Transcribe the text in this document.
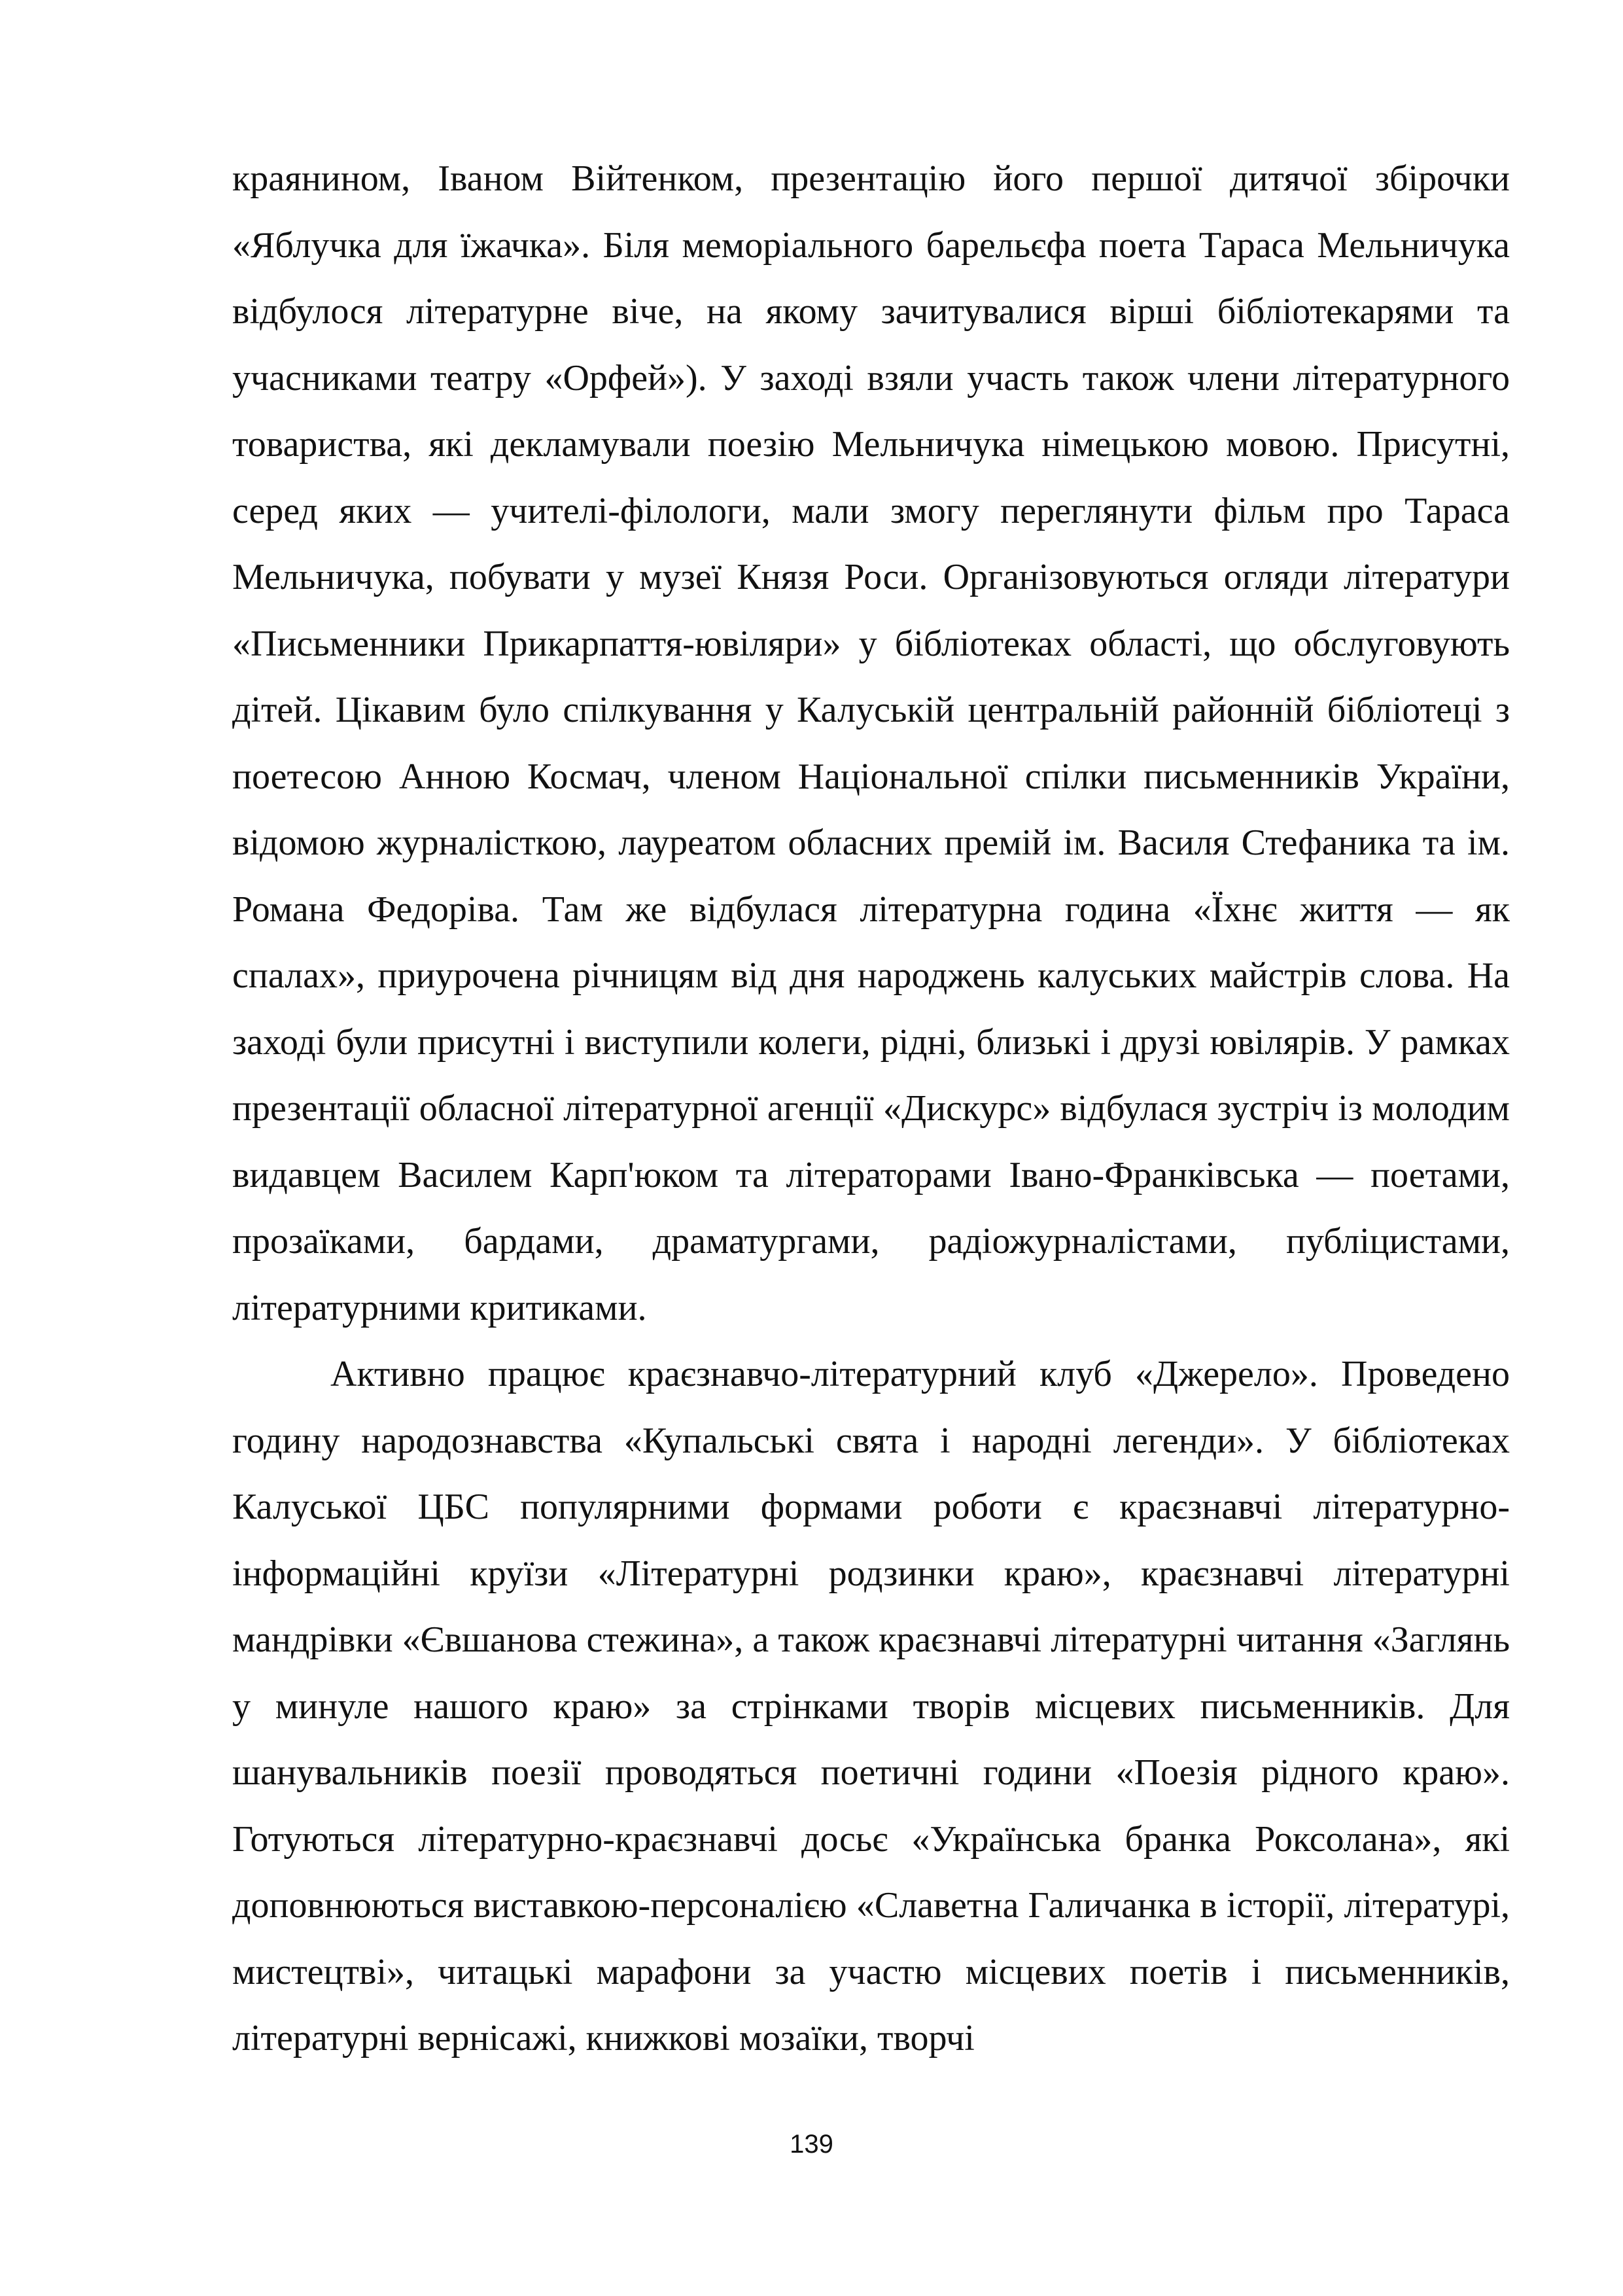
краянином, Іваном Війтенком, презентацію його першої дитячої збірочки «Яблучка для їжачка». Біля меморіального барельєфа поета Тараса Мельничука відбулося літературне віче, на якому зачитувалися вірші бібліотекарями та учасниками театру «Орфей»). У заході взяли участь також члени літературного товариства, які декламували поезію Мельничука німецькою мовою. Присутні, серед яких — учителі-філологи, мали змогу переглянути фільм про Тараса Мельничука, побувати у музеї Князя Роси. Організовуються огляди літератури «Письменники Прикарпаття-ювіляри» у бібліотеках області, що обслуговують дітей. Цікавим було спілкування у Калуській центральній районній бібліотеці з поетесою Анною Космач, членом Національної спілки письменників України, відомою журналісткою, лауреатом обласних премій ім. Василя Стефаника та ім. Романа Федоріва. Там же відбулася літературна година «Їхнє життя — як спалах», приурочена річницям від дня народжень калуських майстрів слова. На заході були присутні і виступили колеги, рідні, близькі і друзі ювілярів. У рамках презентації обласної літературної агенції «Дискурс» відбулася зустріч із молодим видавцем Василем Карп'юком та літераторами Івано-Франківська — поетами, прозаїками, бардами, драматургами, радіожурналістами, публіцистами, літературними критиками.

Активно працює краєзнавчо-літературний клуб «Джерело». Проведено годину народознавства «Купальські свята і народні легенди». У бібліотеках Калуської ЦБС популярними формами роботи є краєзнавчі літературно-інформаційні круїзи «Літературні родзинки краю», краєзнавчі літературні мандрівки «Євшанова стежина», а також краєзнавчі літературні читання «Заглянь у минуле нашого краю» за стрінками творів місцевих письменників. Для шанувальників поезії проводяться поетичні години «Поезія рідного краю». Готуються літературно-краєзнавчі досьє «Українська бранка Роксолана», які доповнюються виставкою-персоналією «Славетна Галичанка в історії, літературі, мистецтві», читацькі марафони за участю місцевих поетів і письменників, літературні вернісажі, книжкові мозаїки, творчі

139
